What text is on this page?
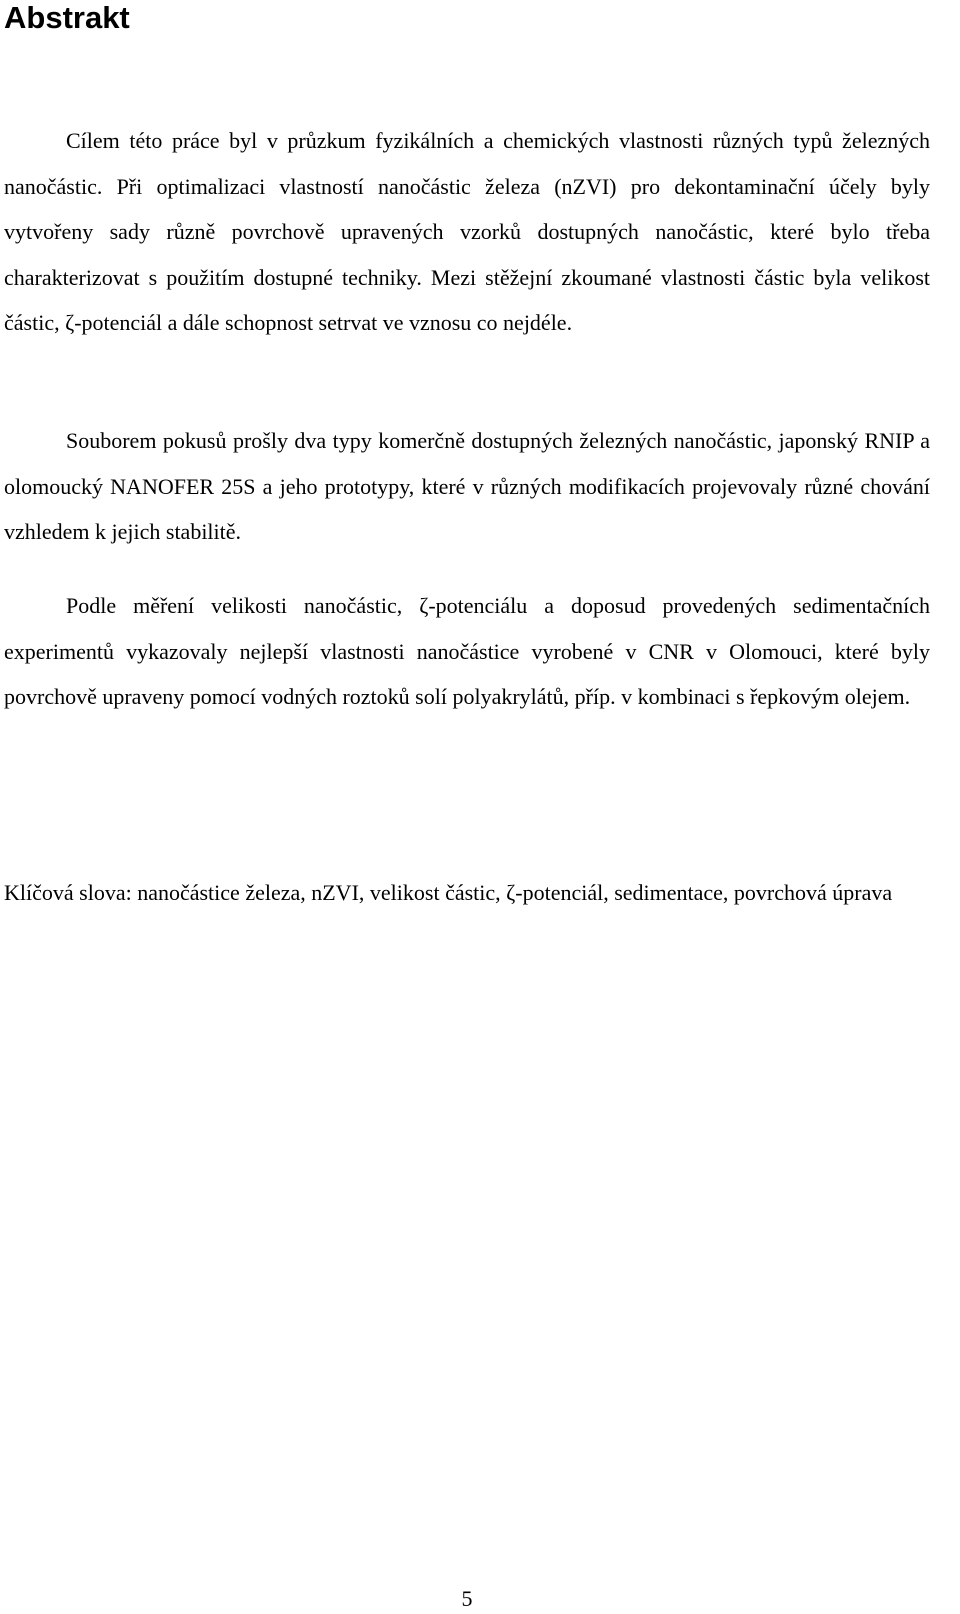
Abstrakt

Cílem této práce byl v průzkum fyzikálních a chemických vlastnosti různých typů železných nanočástic. Při optimalizaci vlastností nanočástic železa (nZVI) pro dekontaminační účely byly vytvořeny sady různě povrchově upravených vzorků dostupných nanočástic, které bylo třeba charakterizovat s použitím dostupné techniky. Mezi stěžejní zkoumané vlastnosti částic byla velikost částic, ζ-potenciál a dále schopnost setrvat ve vznosu co nejdéle.

Souborem pokusů prošly dva typy komerčně dostupných železných nanočástic, japonský RNIP a olomoucký NANOFER 25S a jeho prototypy, které v různých modifikacích projevovaly různé chování vzhledem k jejich stabilitě.

Podle měření velikosti nanočástic, ζ-potenciálu a doposud provedených sedimentačních experimentů vykazovaly nejlepší vlastnosti nanočástice vyrobené v CNR v Olomouci, které byly povrchově upraveny pomocí vodných roztoků solí polyakrylátů, příp. v kombinaci s řepkovým olejem.

Klíčová slova: nanočástice železa, nZVI, velikost částic, ζ-potenciál, sedimentace, povrchová úprava

5
